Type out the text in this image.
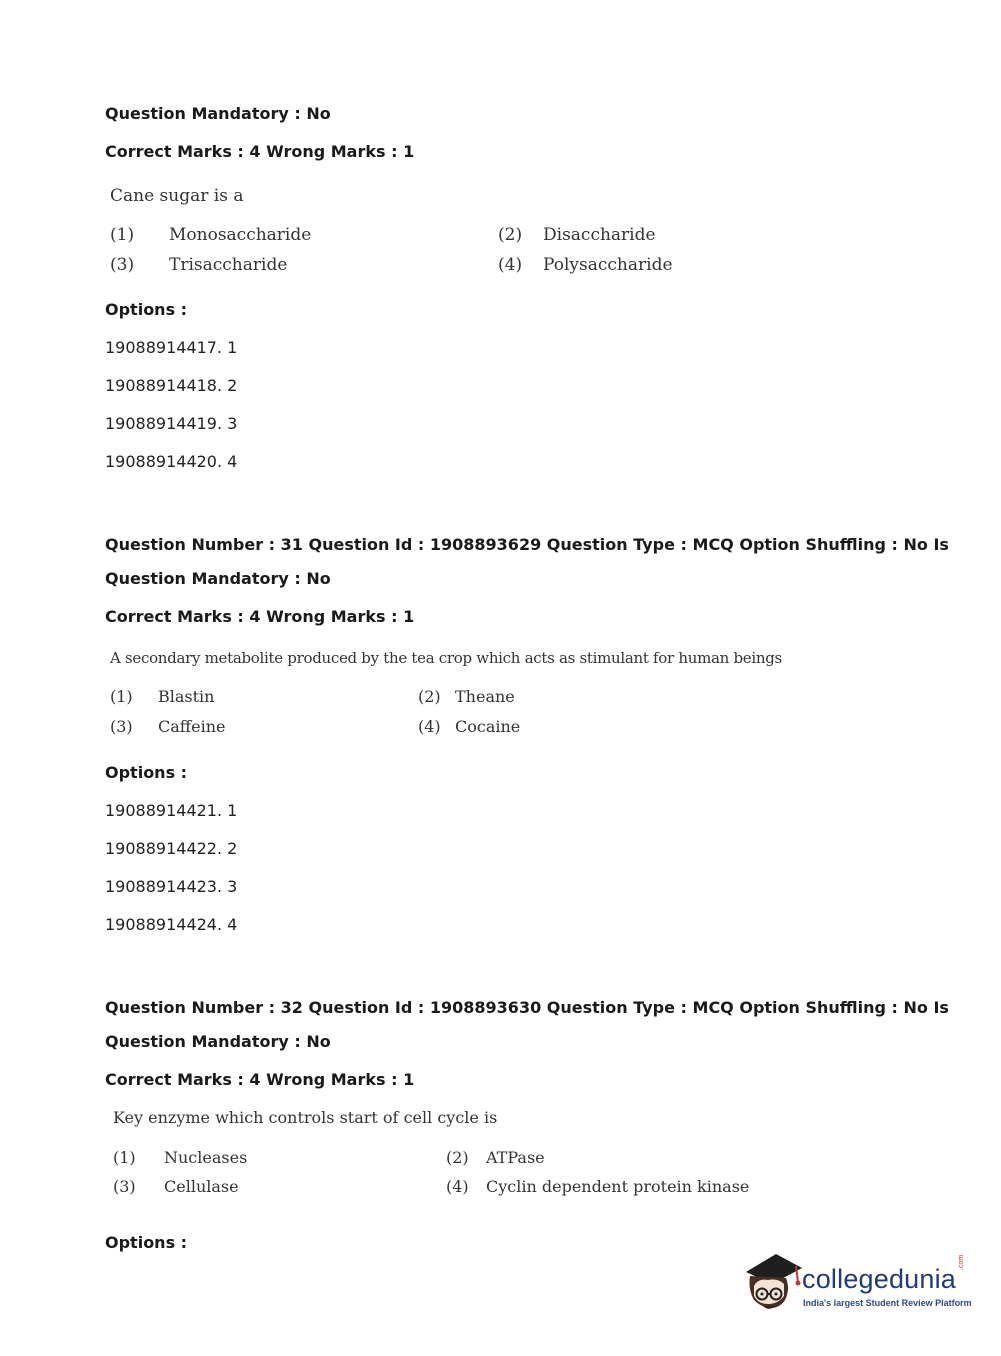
Question Mandatory : No
Correct Marks : 4 Wrong Marks : 1
Cane sugar is a
(1) Monosaccharide	(2) Disaccharide
(3) Trisaccharide	(4) Polysaccharide
Options :
19088914417. 1
19088914418. 2
19088914419. 3
19088914420. 4
Question Number : 31 Question Id : 1908893629 Question Type : MCQ Option Shuffling : No Is
Question Mandatory : No
Correct Marks : 4 Wrong Marks : 1
A secondary metabolite produced by the tea crop which acts as stimulant for human beings
(1) Blastin	(2) Theane
(3) Caffeine	(4) Cocaine
Options :
19088914421. 1
19088914422. 2
19088914423. 3
19088914424. 4
Question Number : 32 Question Id : 1908893630 Question Type : MCQ Option Shuffling : No Is
Question Mandatory : No
Correct Marks : 4 Wrong Marks : 1
Key enzyme which controls start of cell cycle is
(1) Nucleases	(2) ATPase
(3) Cellulase	(4) Cyclin dependent protein kinase
Options :
collegedunia
.com
India's largest Student Review Platform
